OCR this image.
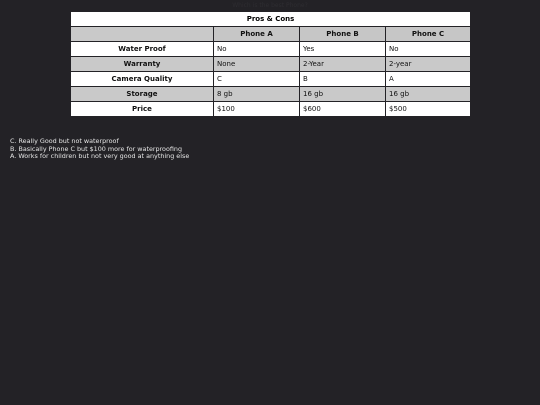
Which is the best Phone?
Pros & Cons			
	Phone A	Phone B	Phone C
Water Proof	No	Yes	No
Warranty	None	2-Year	2-year
Camera Quality	C	B	A
Storage	8 gb	16 gb	16 gb
Price	$100	$600	$500
C. Really Good but not waterproof
B. Basically Phone C but $100 more for waterproofing
A. Works for children but not very good at anything else
